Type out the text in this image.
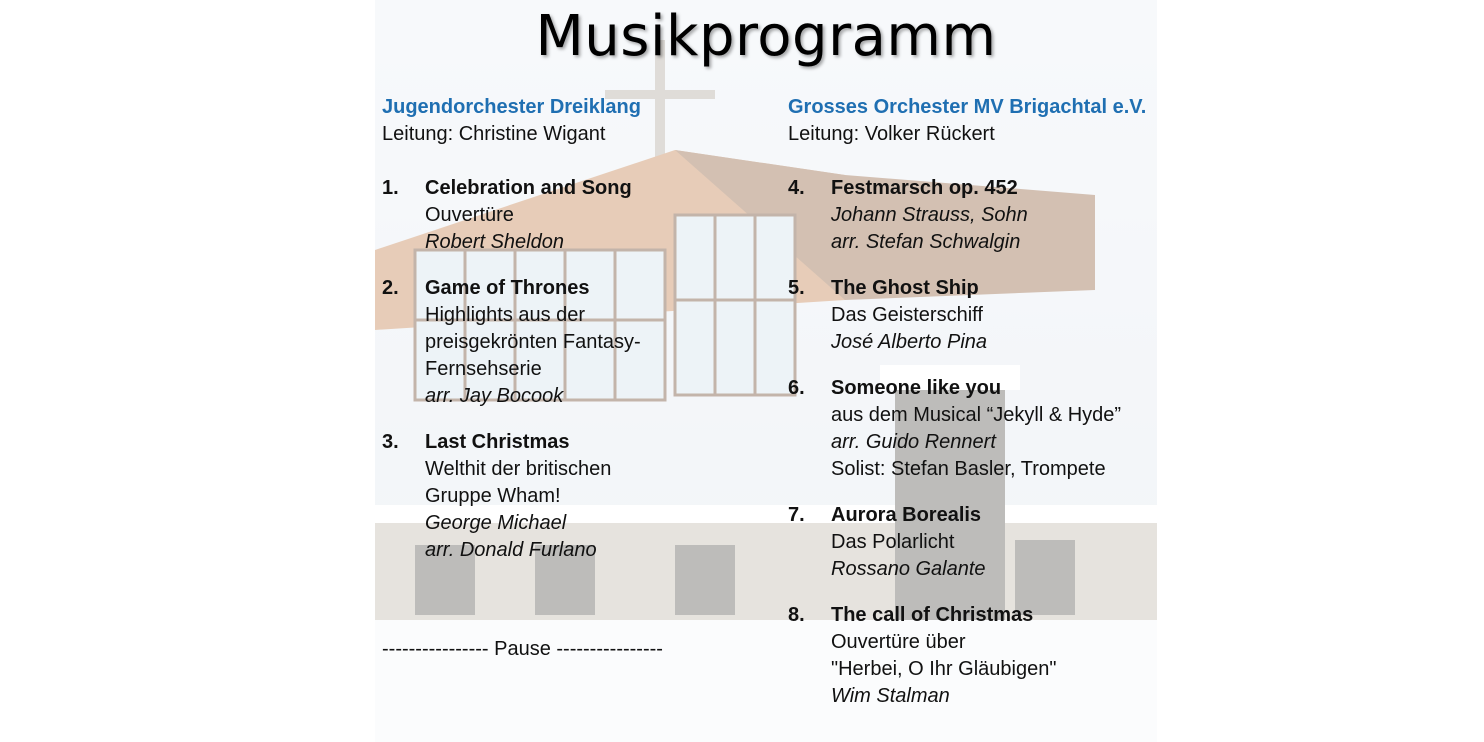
Musikprogramm
Jugendorchester Dreiklang
Leitung: Christine Wigant
1.	Celebration and Song
Ouvertüre
Robert Sheldon
2.	Game of Thrones
Highlights aus der
preisgekrönten Fantasy-
Fernsehserie
arr. Jay Bocook
3.	Last Christmas
Welthit der britischen
Gruppe Wham!
George Michael
arr. Donald Furlano
---------------- Pause ----------------
Grosses Orchester MV Brigachtal e.V.
Leitung: Volker Rückert
4.	Festmarsch op. 452
Johann Strauss, Sohn
arr. Stefan Schwalgin
5.	The Ghost Ship
Das Geisterschiff
José Alberto Pina
6.	Someone like you
aus dem Musical “Jekyll & Hyde”
arr. Guido Rennert
Solist: Stefan Basler, Trompete
7.	Aurora Borealis
Das Polarlicht
Rossano Galante
8.	The call of Christmas
Ouvertüre über
"Herbei, O Ihr Gläubigen"
Wim Stalman
